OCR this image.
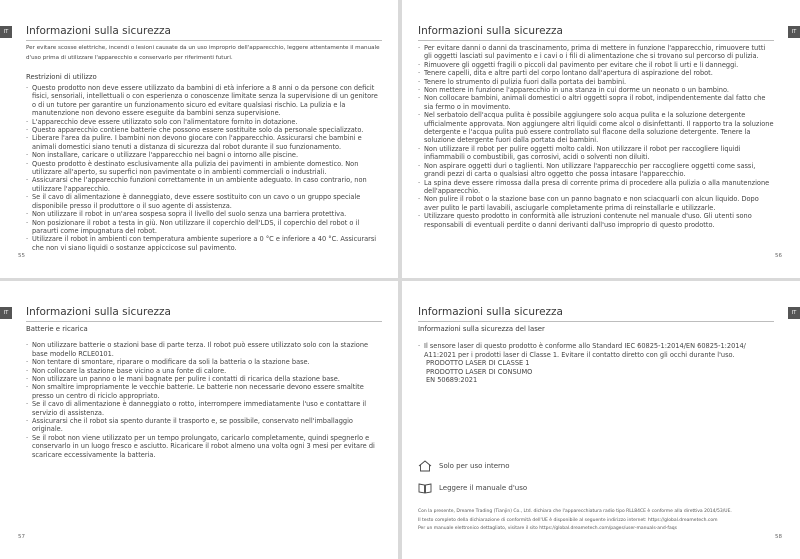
IT	Informazioni sulla sicurezza

Per evitare scosse elettriche, incendi o lesioni causate da un uso improprio dell'apparecchio, leggere attentamente il manuale d'uso prima di utilizzare l'apparecchio e conservarlo per riferimenti futuri.

Restrizioni di utilizzo
· Questo prodotto non deve essere utilizzato da bambini di età inferiore a 8 anni o da persone con deficit fisici, sensoriali, intellettuali o con esperienza o conoscenze limitate senza la supervisione di un genitore o di un tutore per garantire un funzionamento sicuro ed evitare qualsiasi rischio. La pulizia e la manutenzione non devono essere eseguite da bambini senza supervisione.
· L'apparecchio deve essere utilizzato solo con l'alimentatore fornito in dotazione.
· Questo apparecchio contiene batterie che possono essere sostituite solo da personale specializzato.
· Liberare l'area da pulire. I bambini non devono giocare con l'apparecchio. Assicurarsi che bambini e animali domestici siano tenuti a distanza di sicurezza dal robot durante il suo funzionamento.
· Non installare, caricare o utilizzare l'apparecchio nei bagni o intorno alle piscine.
· Questo prodotto è destinato esclusivamente alla pulizia dei pavimenti in ambiente domestico. Non utilizzare all'aperto, su superfici non pavimentate o in ambienti commerciali o industriali.
· Assicurarsi che l'apparecchio funzioni correttamente in un ambiente adeguato. In caso contrario, non utilizzare l'apparecchio.
· Se il cavo di alimentazione è danneggiato, deve essere sostituito con un cavo o un gruppo speciale disponibile presso il produttore o il suo agente di assistenza.
· Non utilizzare il robot in un'area sospesa sopra il livello del suolo senza una barriera protettiva.
· Non posizionare il robot a testa in giù. Non utilizzare il coperchio dell'LDS, il coperchio del robot o il paraurti come impugnatura del robot.
· Utilizzare il robot in ambienti con temperatura ambiente superiore a 0 °C e inferiore a 40 °C. Assicurarsi che non vi siano liquidi o sostanze appiccicose sul pavimento.
55
IT
Informazioni sulla sicurezza
· Per evitare danni o danni da trascinamento, prima di mettere in funzione l'apparecchio, rimuovere tutti gli oggetti lasciati sul pavimento e i cavi o i fili di alimentazione che si trovano sul percorso di pulizia.
· Rimuovere gli oggetti fragili o piccoli dal pavimento per evitare che il robot li urti e li danneggi.
· Tenere capelli, dita e altre parti del corpo lontano dall'apertura di aspirazione del robot.
· Tenere lo strumento di pulizia fuori dalla portata dei bambini.
· Non mettere in funzione l'apparecchio in una stanza in cui dorme un neonato o un bambino.
· Non collocare bambini, animali domestici o altri oggetti sopra il robot, indipendentemente dal fatto che sia fermo o in movimento.
· Nel serbatoio dell'acqua pulita è possibile aggiungere solo acqua pulita e la soluzione detergente ufficialmente approvata. Non aggiungere altri liquidi come alcol o disinfettanti. Il rapporto tra la soluzione detergente e l'acqua pulita può essere controllato sul flacone della soluzione detergente. Tenere la soluzione detergente fuori dalla portata dei bambini.
· Non utilizzare il robot per pulire oggetti molto caldi. Non utilizzare il robot per raccogliere liquidi infiammabili o combustibili, gas corrosivi, acidi o solventi non diluiti.
· Non aspirare oggetti duri o taglienti. Non utilizzare l'apparecchio per raccogliere oggetti come sassi, grandi pezzi di carta o qualsiasi altro oggetto che possa intasare l'apparecchio.
· La spina deve essere rimossa dalla presa di corrente prima di procedere alla pulizia o alla manutenzione dell'apparecchio.
· Non pulire il robot o la stazione base con un panno bagnato e non sciacquarli con alcun liquido. Dopo aver pulito le parti lavabili, asciugarle completamente prima di reinstallarle e utilizzarle.
· Utilizzare questo prodotto in conformità alle istruzioni contenute nel manuale d'uso. Gli utenti sono responsabili di eventuali perdite o danni derivanti dall'uso improprio di questo prodotto.
56
IT	Informazioni sulla sicurezza
Batterie e ricarica
· Non utilizzare batterie o stazioni base di parte terza. Il robot può essere utilizzato solo con la stazione base modello RCLE0101.
· Non tentare di smontare, riparare o modificare da soli la batteria o la stazione base.
· Non collocare la stazione base vicino a una fonte di calore.
· Non utilizzare un panno o le mani bagnate per pulire i contatti di ricarica della stazione base.
· Non smaltire impropriamente le vecchie batterie. Le batterie non necessarie devono essere smaltite presso un centro di riciclo appropriato.
· Se il cavo di alimentazione è danneggiato o rotto, interrompere immediatamente l'uso e contattare il servizio di assistenza.
· Assicurarsi che il robot sia spento durante il trasporto e, se possibile, conservato nell'imballaggio originale.
· Se il robot non viene utilizzato per un tempo prolungato, caricarlo completamente, quindi spegnerlo e conservarlo in un luogo fresco e asciutto. Ricaricare il robot almeno una volta ogni 3 mesi per evitare di scaricare eccessivamente la batteria.
57
IT
Informazioni sulla sicurezza
Informazioni sulla sicurezza del laser
· Il sensore laser di questo prodotto è conforme allo Standard IEC 60825-1:2014/EN 60825-1:2014/ A11:2021 per i prodotti laser di Classe 1. Evitare il contatto diretto con gli occhi durante l'uso.
PRODOTTO LASER DI CLASSE 1
PRODOTTO LASER DI CONSUMO
EN 50689:2021
Solo per uso interno
Leggere il manuale d'uso
Con la presente, Dreame Trading (Tianjin) Co., Ltd. dichiara che l'apparecchiatura radio tipo RLL84CE è conforme alla direttiva 2014/53/UE.
Il testo completo della dichiarazione di conformità dell'UE è disponibile al seguente indirizzo internet: https://global.dreametech.com
Per un manuale elettronico dettagliato, visitare il sito https://global.dreametech.com/pages/user-manuals-and-faqs
58
